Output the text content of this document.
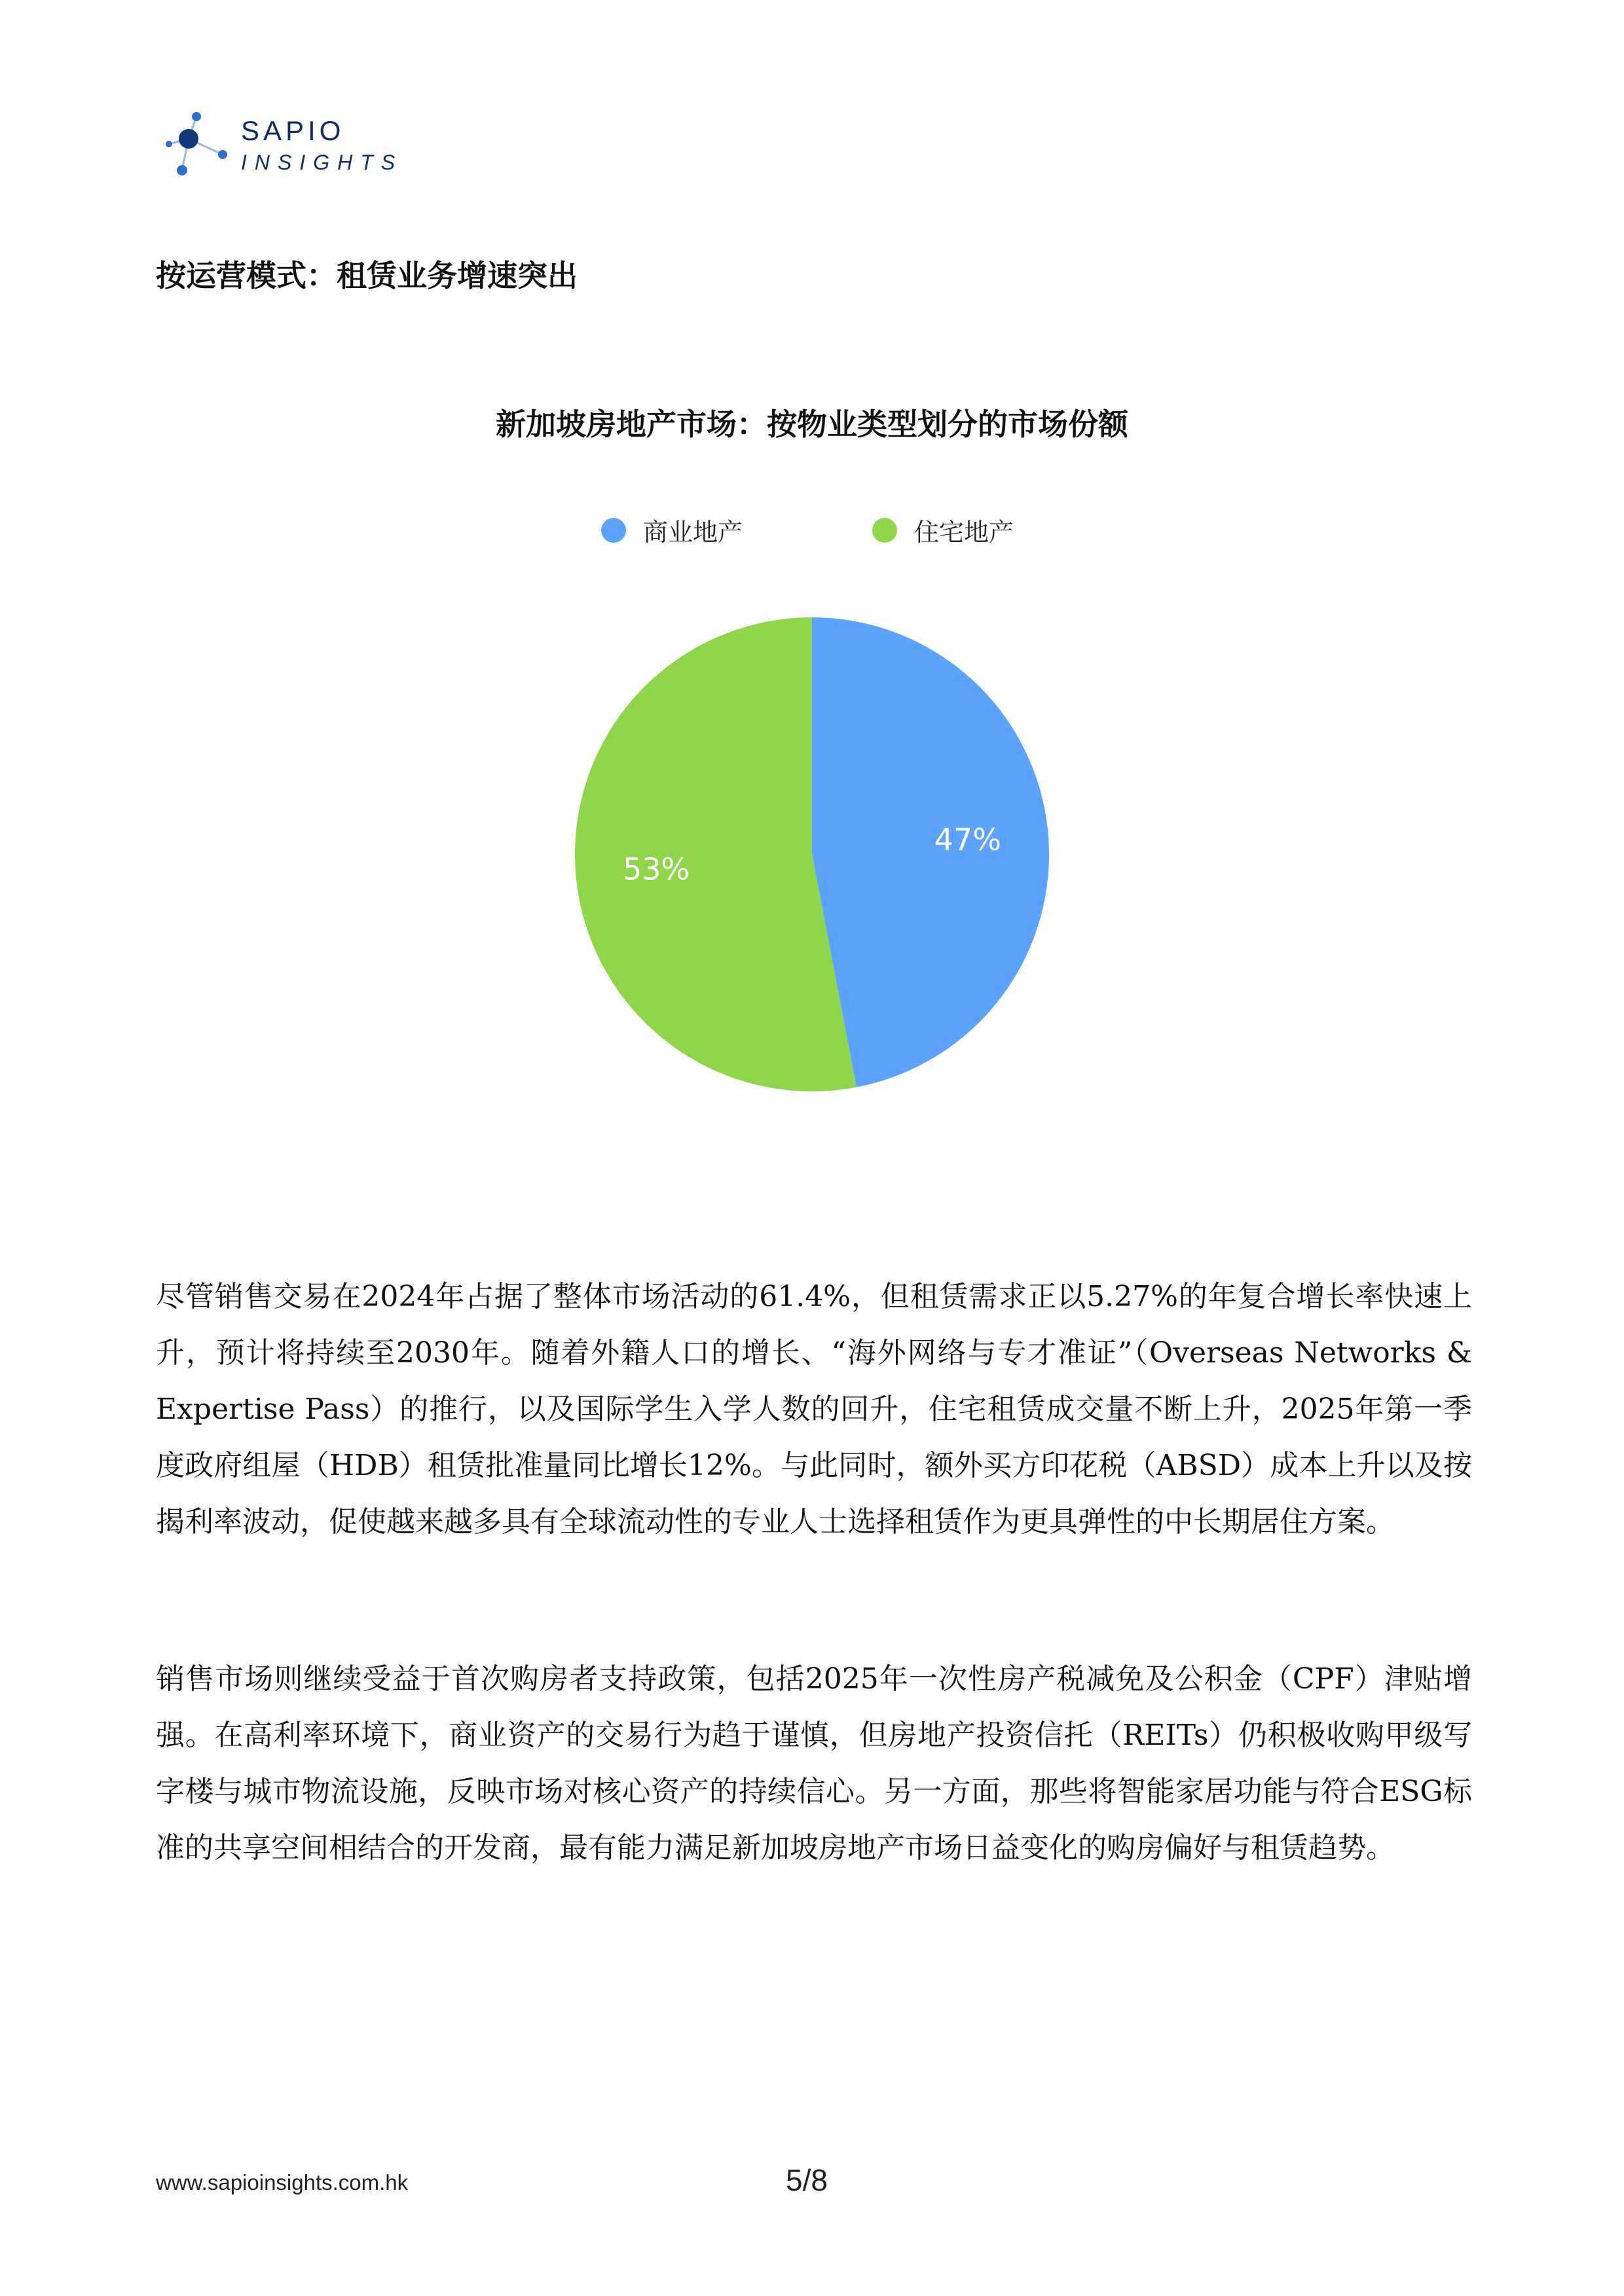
SAPIO
INSIGHTS
按运营模式：租赁业务增速突出
新加坡房地产市场：按物业类型划分的市场份额
商业地产	住宅地产
47%
53%

尽管销售交易在2024年占据了整体市场活动的61.4%，但租赁需求正以5.27%的年复合增长率快速上升，预计将持续至2030年。随着外籍人口的增长、“海外网络与专才准证”（Overseas Networks & Expertise Pass）的推行，以及国际学生入学人数的回升，住宅租赁成交量不断上升，2025年第一季度政府组屋（HDB）租赁批准量同比增长12%。与此同时，额外买方印花税（ABSD）成本上升以及按揭利率波动，促使越来越多具有全球流动性的专业人士选择租赁作为更具弹性的中长期居住方案。

销售市场则继续受益于首次购房者支持政策，包括2025年一次性房产税减免及公积金（CPF）津贴增强。在高利率环境下，商业资产的交易行为趋于谨慎，但房地产投资信托（REITs）仍积极收购甲级写字楼与城市物流设施，反映市场对核心资产的持续信心。另一方面，那些将智能家居功能与符合ESG标准的共享空间相结合的开发商，最有能力满足新加坡房地产市场日益变化的购房偏好与租赁趋势。

www.sapioinsights.com.hk	5/8
